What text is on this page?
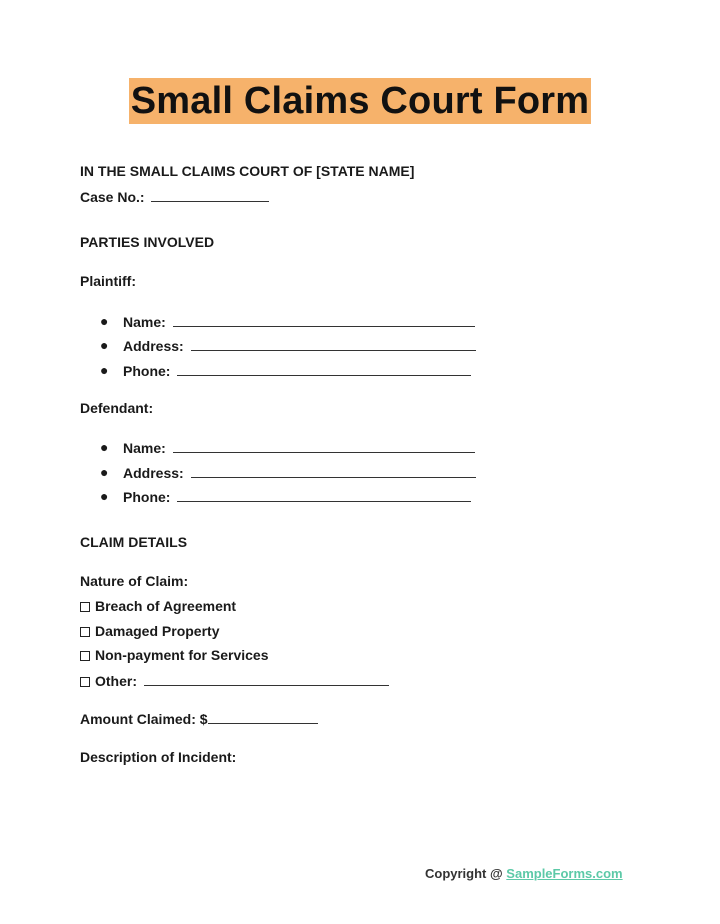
Small Claims Court Form
IN THE SMALL CLAIMS COURT OF [STATE NAME]
Case No.:
PARTIES INVOLVED
Plaintiff:
● Name:
● Address:
● Phone:
Defendant:
● Name:
● Address:
● Phone:
CLAIM DETAILS
Nature of Claim:
Breach of Agreement
Damaged Property
Non-payment for Services
Other:
Amount Claimed: $
Description of Incident:
Copyright @ SampleForms.com
